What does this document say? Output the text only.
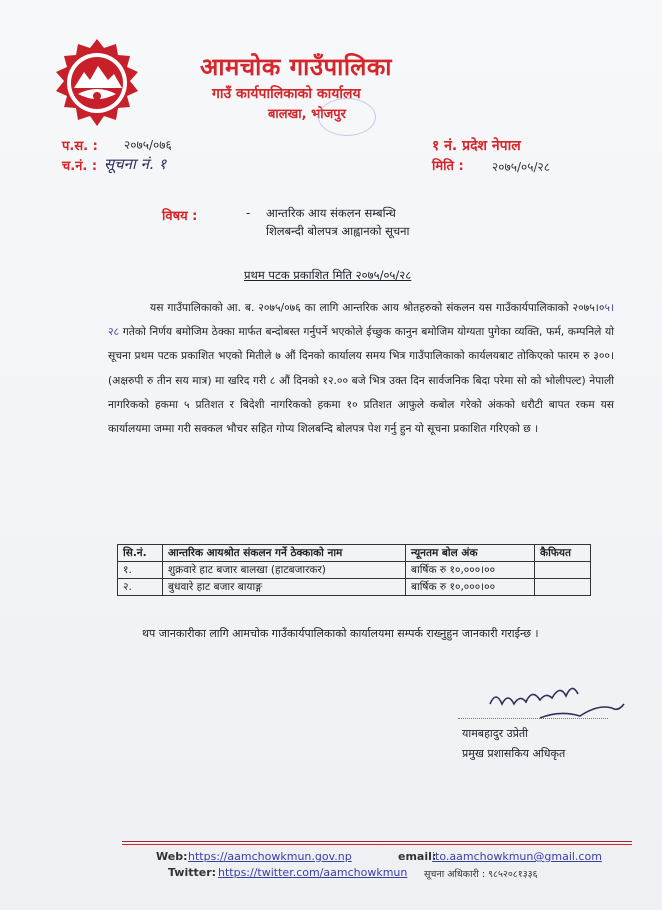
आमचोक गाउँपालिका
गाउँ कार्यपालिकाको कार्यालय
बालखा, भोजपुर
प.स. : २०७५/०७६
च.नं. : सूचना नं. १
१ नं. प्रदेश नेपाल
मिति : २०७५/०५/२८
विषय :	- आन्तरिक आय संकलन सम्बन्धि
शिलबन्दी बोलपत्र आह्वानको सूचना
प्रथम पटक प्रकाशित मिति २०७५/०५/२८

यस गाउँपालिकाको आ. ब. २०७५/०७६ का लागि आन्तरिक आय श्रोतहरुको संकलन यस गाउँकार्यपालिकाको २०७५।०५।२८ गतेको निर्णय बमोजिम ठेक्का मार्फत बन्दोबस्त गर्नुपर्ने भएकोले ईच्छुक कानुन बमोजिम योग्यता पुगेका व्यक्ति, फर्म, कम्पनिले यो सूचना प्रथम पटक प्रकाशित भएको मितीले ७ औं दिनको कार्यालय समय भित्र गाउँपालिकाको कार्यलयबाट तोकिएको फारम रु ३००। (अक्षरुपी रु तीन सय मात्र) मा खरिद गरी ८ औं दिनको १२.०० बजे भित्र उक्त दिन सार्वजनिक बिदा परेमा सो को भोलीपल्ट) नेपाली नागरिकको हकमा ५ प्रतिशत र बिदेशी नागरिकको हकमा १० प्रतिशत आफुले कबोल गरेको अंकको धरौटी बापत रकम यस कार्यालयमा जम्मा गरी सक्कल भौचर सहित गोप्य शिलबन्दि बोलपत्र पेश गर्नु हुन यो सूचना प्रकाशित गरिएको छ ।

सि.नं.	आन्तरिक आयश्रोत संकलन गर्ने ठेक्काको नाम	न्यूनतम बोल अंक	कैफियत
१.	शुक्रवारे हाट बजार बालखा (हाटबजारकर)	बार्षिक रु १०,०००।००	
२.	बुधवारे हाट बजार बायाङ्ग	बार्षिक रु १०,०००।००	

थप जानकारीका लागि आमचोक गाउँकार्यपालिकाको कार्यालयमा सम्पर्क राख्नुहुन जानकारी गराईन्छ ।

यामबहादुर उप्रेती
प्रमुख प्रशासकिय अधिकृत
Web: https://aamchowkmun.gov.np	email:
ito.aamchowkmun@gmail.com
Twitter: https://twitter.com/aamchowkmun सूचना अधिकारी : ९८५२०८१३३६
